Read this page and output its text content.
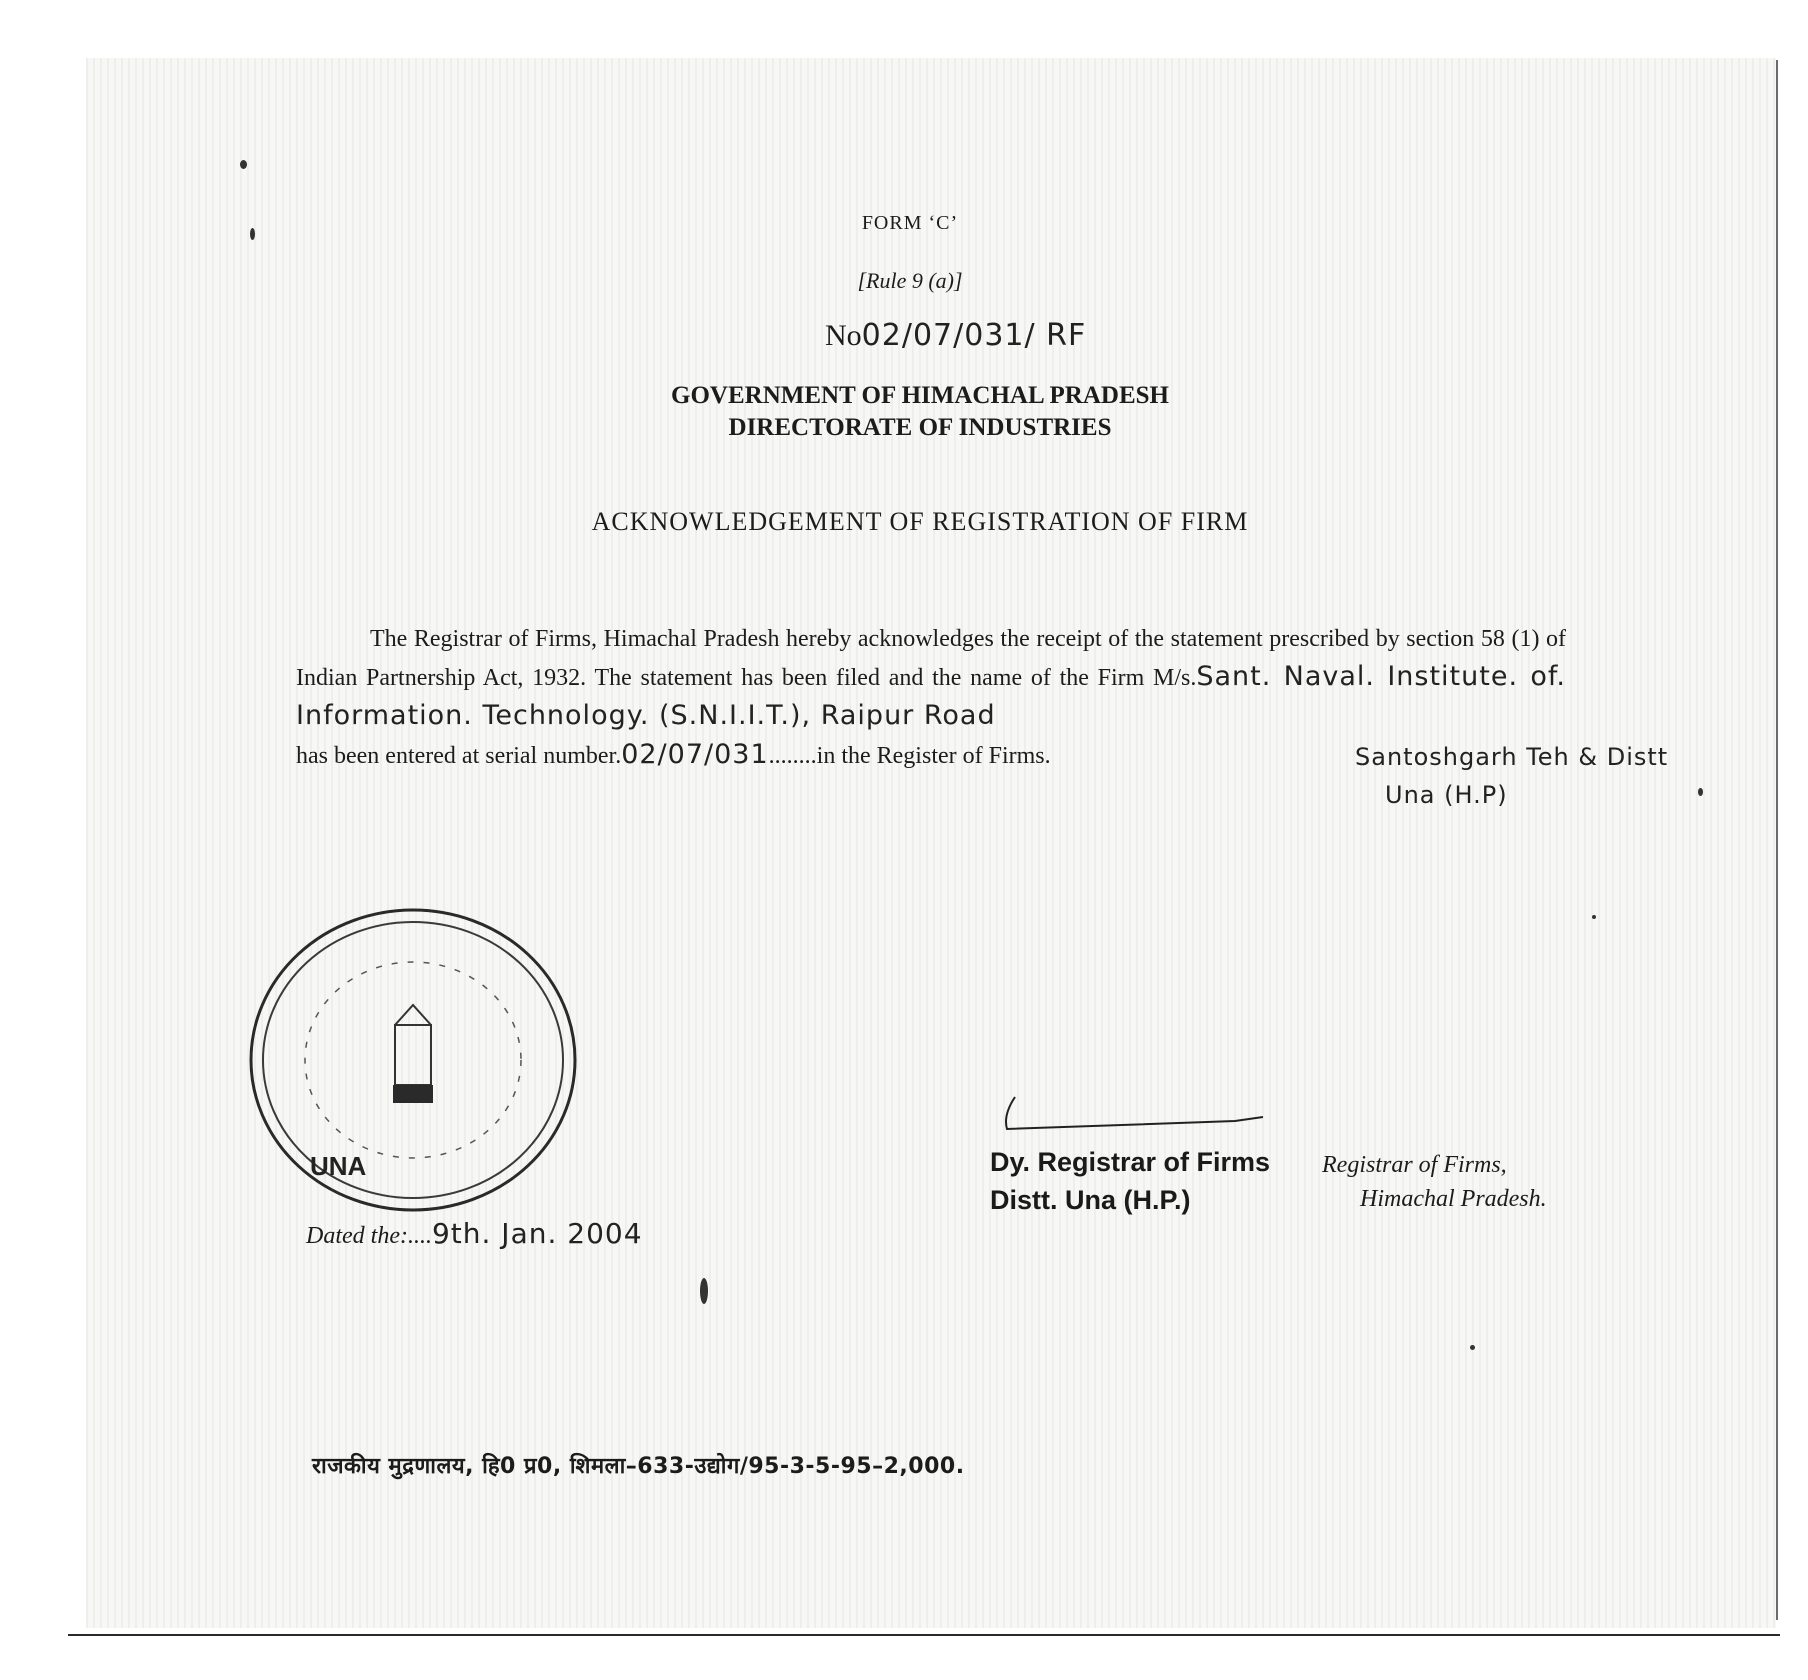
FORM ‘C’
[Rule 9 (a)]
No02/07/031/ RF
GOVERNMENT OF HIMACHAL PRADESH
DIRECTORATE OF INDUSTRIES
ACKNOWLEDGEMENT OF REGISTRATION OF FIRM
The Registrar of Firms, Himachal Pradesh hereby acknowledges the receipt of the statement prescribed by section 58 (1) of Indian Partnership Act, 1932. The statement has been filed and the name of the Firm M/s.Sant. Naval. Institute. of. Information. Technology. (S.N.I.I.T.), Raipur Road
has been entered at serial number.02/07/031........in the Register of Firms.	Santoshgarh Teh & Distt
Una (H.P)
UNA
Dated the:....9th. Jan. 2004
Dy. Registrar of Firms
Distt. Una (H.P.)
Registrar of Firms,
Himachal Pradesh.
राजकीय मुद्रणालय, हि0 प्र0, शिमला–633-उद्योग/95-3-5-95–2,000.
